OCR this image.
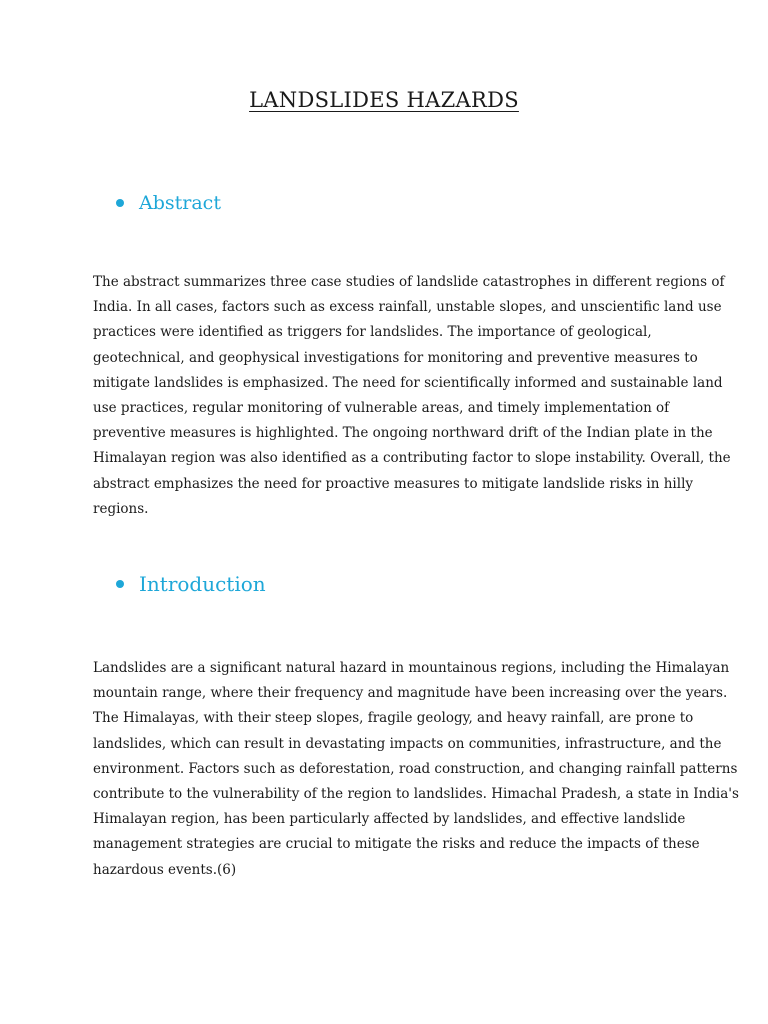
LANDSLIDES HAZARDS
Abstract

The abstract summarizes three case studies of landslide catastrophes in different regions of
India. In all cases, factors such as excess rainfall, unstable slopes, and unscientific land use
practices were identified as triggers for landslides. The importance of geological,
geotechnical, and geophysical investigations for monitoring and preventive measures to
mitigate landslides is emphasized. The need for scientifically informed and sustainable land
use practices, regular monitoring of vulnerable areas, and timely implementation of
preventive measures is highlighted. The ongoing northward drift of the Indian plate in the
Himalayan region was also identified as a contributing factor to slope instability. Overall, the
abstract emphasizes the need for proactive measures to mitigate landslide risks in hilly
regions.

Introduction

Landslides are a significant natural hazard in mountainous regions, including the Himalayan
mountain range, where their frequency and magnitude have been increasing over the years.
The Himalayas, with their steep slopes, fragile geology, and heavy rainfall, are prone to
landslides, which can result in devastating impacts on communities, infrastructure, and the
environment. Factors such as deforestation, road construction, and changing rainfall patterns
contribute to the vulnerability of the region to landslides. Himachal Pradesh, a state in India's
Himalayan region, has been particularly affected by landslides, and effective landslide
management strategies are crucial to mitigate the risks and reduce the impacts of these
hazardous events.(6)
